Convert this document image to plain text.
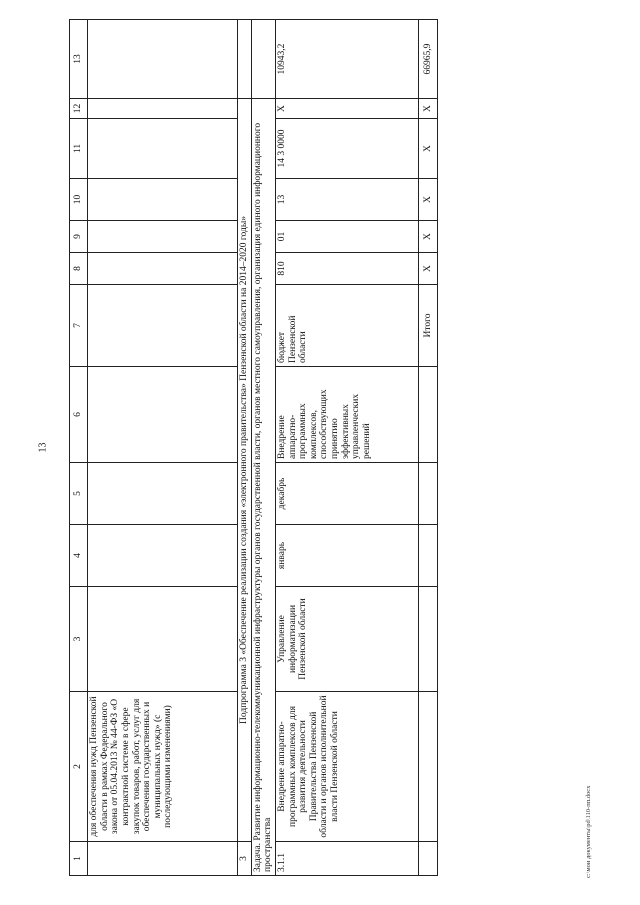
13
1	2	3	4	5	6	7	8	9	10	11	12	13
	для обеспечения нужд Пензенской области в рамках Федерального закона от 05.04.2013 № 44-ФЗ «О контрактной системе в сфере закупок товаров, работ, услуг для обеспечения государственных и муниципальных нужд» (с последующими изменениями)											
3	Подпрограмма 3 «Обеспечение реализации создания «электронного правительства» Пензенской области на 2014–2020 годы»											
Задача. Развитие информационно-телекоммуникационной инфраструктуры органов государственной власти, органов местного самоуправления, организация единого информационного пространства												
3.1.1	Внедрение аппаратно-программных комплексов для развития деятельности Правительства Пензенской области и органов исполнительной власти Пензенской области	Управление информатизации Пензенской области	январь	декабрь	Внедрение аппаратно-программных комплексов, способствующих принятию эффективных управленческих решений	бюджет Пензенской области	810	01	13	14 3 0000	Х	10943,2
						Итого	Х	Х	Х	Х	Х	66965,9
c:\мои документы\pd\110-пп.docx
